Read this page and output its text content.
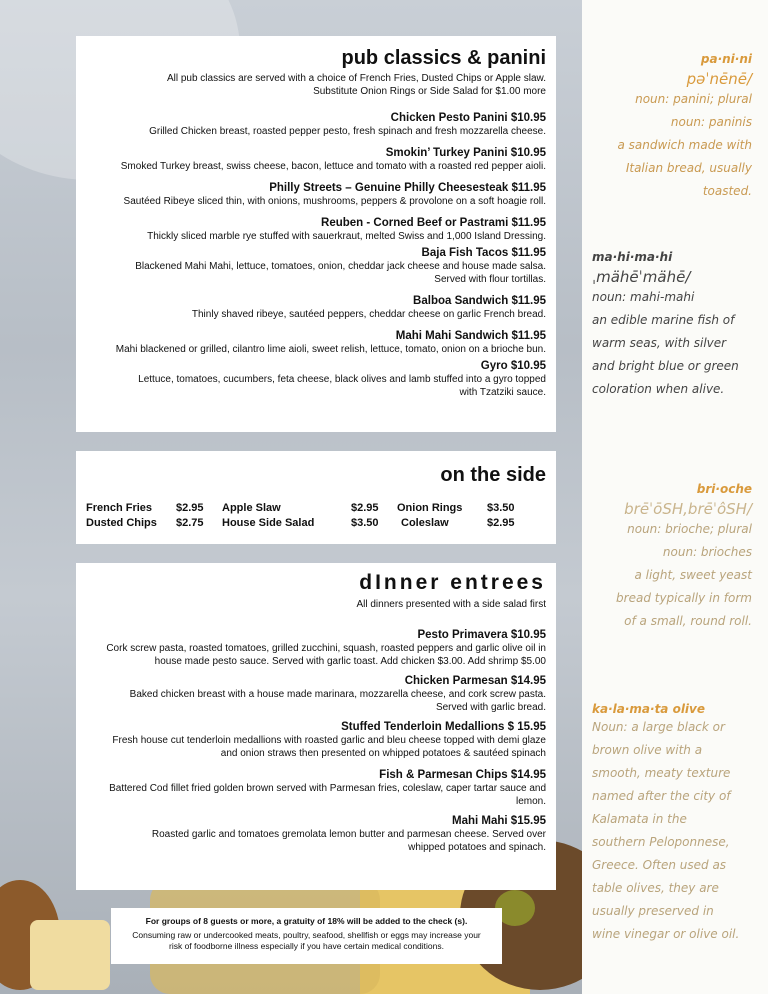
pub classics & panini

All pub classics are served with a choice of French Fries, Dusted Chips or Apple slaw.

Substitute Onion Rings or Side Salad for $1.00 more

Chicken Pesto Panini $10.95
Grilled Chicken breast, roasted pepper pesto, fresh spinach and fresh mozzarella cheese.
Smokin’ Turkey Panini $10.95
Smoked Turkey breast, swiss cheese, bacon, lettuce and tomato with a roasted red pepper aioli.
Philly Streets – Genuine Philly Cheesesteak $11.95
Sautéed Ribeye sliced thin, with onions, mushrooms, peppers & provolone on a soft hoagie roll.
Reuben - Corned Beef or Pastrami $11.95
Thickly sliced marble rye stuffed with sauerkraut, melted Swiss and 1,000 Island Dressing.
Baja Fish Tacos $11.95
Blackened Mahi Mahi, lettuce, tomatoes, onion, cheddar jack cheese and house made salsa. Served with flour tortillas.
Balboa Sandwich $11.95
Thinly shaved ribeye, sautéed peppers, cheddar cheese on garlic French bread.
Mahi Mahi Sandwich $11.95
Mahi blackened or grilled, cilantro lime aioli, sweet relish, lettuce, tomato, onion on a brioche bun.
Gyro $10.95
Lettuce, tomatoes, cucumbers, feta cheese, black olives and lamb stuffed into a gyro topped with Tzatziki sauce.
on the side
French Fries	$2.95	Apple Slaw	$2.95	Onion Rings	$3.50
Dusted Chips	$2.75	House Side Salad	$3.50	Coleslaw	$2.95
dInner entrees

All dinners presented with a side salad first

Pesto Primavera $10.95
Cork screw pasta, roasted tomatoes, grilled zucchini, squash, roasted peppers and garlic olive oil in house made pesto sauce. Served with garlic toast. Add chicken $3.00. Add shrimp $5.00
Chicken Parmesan $14.95
Baked chicken breast with a house made marinara, mozzarella cheese, and cork screw pasta. Served with garlic bread.
Stuffed Tenderloin Medallions $ 15.95
Fresh house cut tenderloin medallions with roasted garlic and bleu cheese topped with demi glaze and onion straws then presented on whipped potatoes & sautéed spinach
Fish & Parmesan Chips $14.95
Battered Cod fillet fried golden brown served with Parmesan fries, coleslaw, caper tartar sauce and lemon.
Mahi Mahi $15.95
Roasted garlic and tomatoes gremolata lemon butter and parmesan cheese. Served over whipped potatoes and spinach.
For groups of 8 guests or more, a gratuity of 18% will be added to the check (s).
Consuming raw or undercooked meats, poultry, seafood, shellfish or eggs may increase your
risk of foodborne illness especially if you have certain medical conditions.
pa·ni·ni
pəˈnēnē/
noun: panini; plural
noun: paninis
a sandwich made with
Italian bread, usually
toasted.
ma·hi·ma·hi
ˌmähēˈmähē/
noun: mahi-mahi
an edible marine fish of
warm seas, with silver
and bright blue or green
coloration when alive.
bri·oche
brēˈōSH,brēˈôSH/
noun: brioche; plural
noun: brioches
a light, sweet yeast
bread typically in form
of a small, round roll.
ka·la·ma·ta olive
Noun: a large black or
brown olive with a
smooth, meaty texture
named after the city of
Kalamata in the
southern Peloponnese,
Greece. Often used as
table olives, they are
usually preserved in
wine vinegar or olive oil.
